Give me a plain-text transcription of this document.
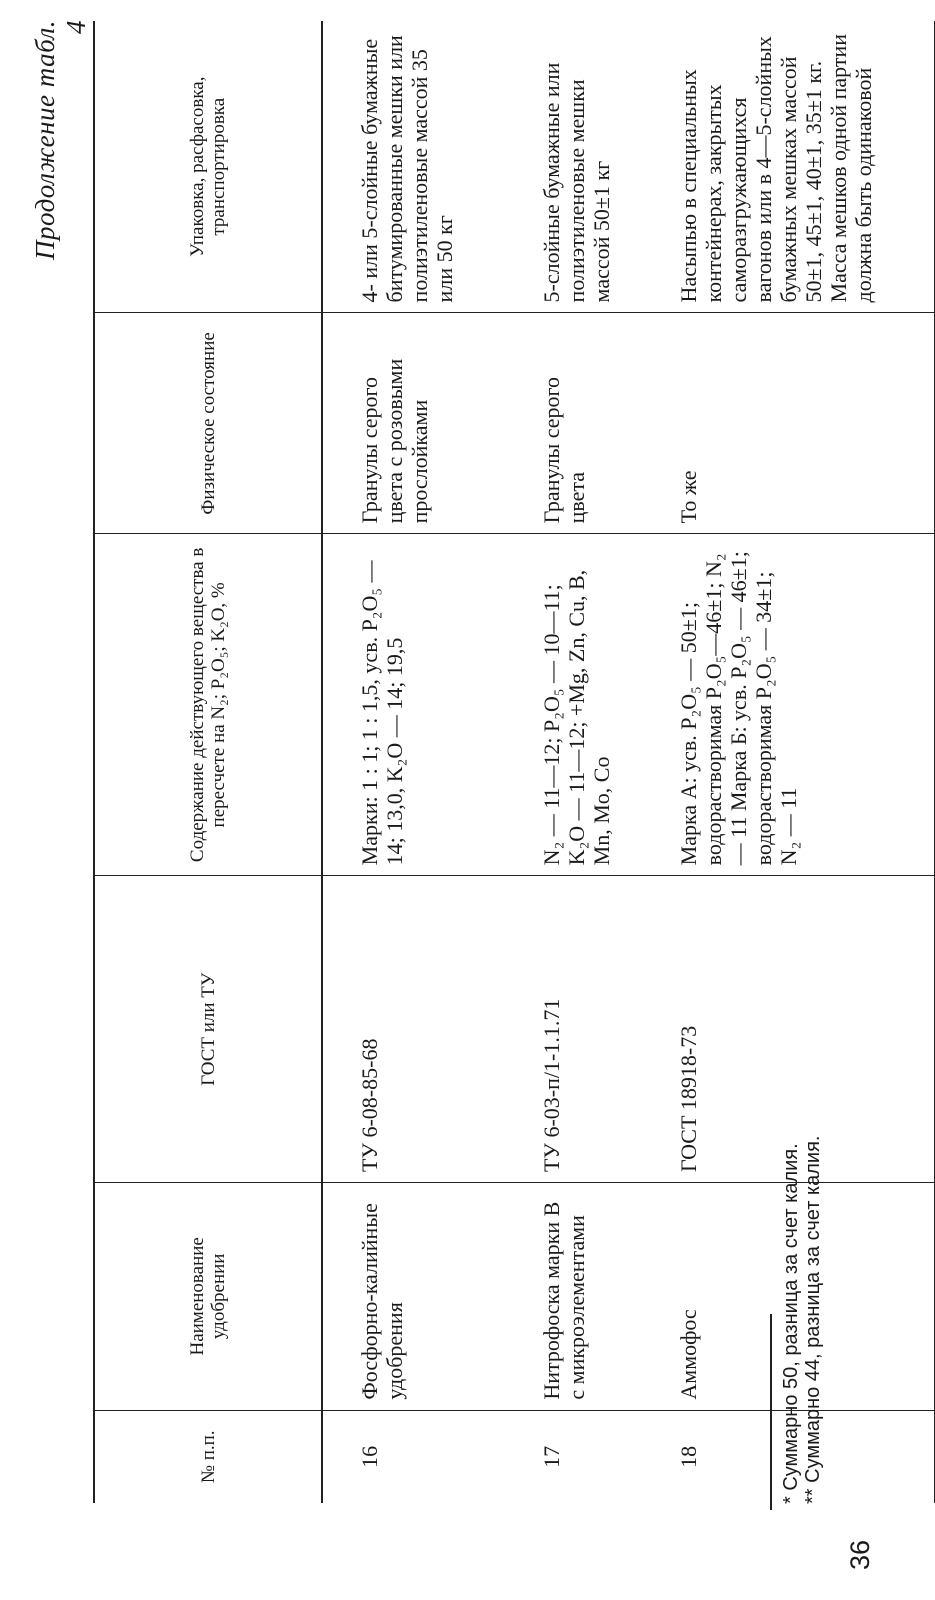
Продолжение табл. 4
№ п.п.	Наименование удобрении	ГОСТ или ТУ	Содержание действующего вещества в пересчете на N₂; P₂O₅; K₂O, %	Физическое состояние	Упаковка, расфасовка, транспортировка
16	Фосфорно-калийные удобрения	ТУ 6-08-85-68	Марки: 1 : 1; 1 : 1,5, усв. P₂O₅ — 14; 13,0, K₂O — 14; 19,5	Гранулы серого цвета с розовыми прослойками	4- или 5-слойные бумажные битумированные мешки или полиэтиленовые массой 35 или 50 кг
17	Нитрофоска марки В с микроэлементами	ТУ 6-03-п/1-1.1.71	N₂ — 11—12; P₂O₅ — 10—11; K₂O — 11—12; +Mg, Zn, Cu, B, Mn, Mo, Co	Гранулы серого цвета	5-слойные бумажные или полиэтиленовые мешки массой 50±1 кг
18	Аммофос	ГОСТ 18918-73	Марка А: усв. P₂O₅ — 50±1; водорастворимая P₂O₅—46±1; N₂ — 11 Марка Б: усв. P₂O₅ — 46±1; водорастворимая P₂O₅ — 34±1; N₂ — 11	То же	Насыпью в специальных контейнерах, закрытых саморазгружающихся вагонов или в 4—5-слойных бумажных мешках массой 50±1, 45±1, 40±1, 35±1 кг. Масса мешков одной партии должна быть одинаковой
* Суммарно 50, разница за счет калия. ** Суммарно 44, разница за счет калия.
36
